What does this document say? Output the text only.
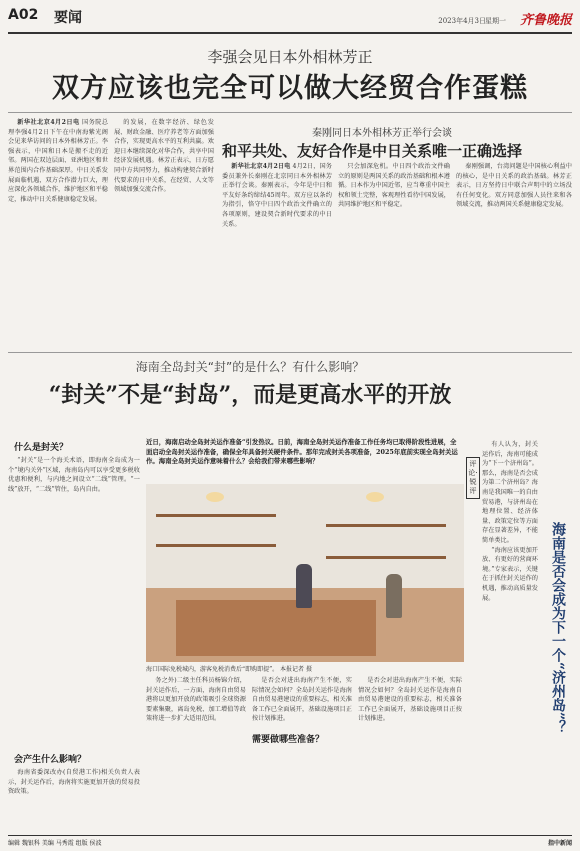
A02 要闻	2023年4月3日 星期一 齐鲁晚报
李强会见日本外相林芳正
双方应该也完全可以做大经贸合作蛋糕

新华社北京4月2日电 国务院总理李强4月2日下午在中南海紫光阁会见来华访问的日本外相林芳正。李强表示，中国和日本是搬不走的近邻。两国在双边层面、亚洲地区和世界范围内合作基础深厚。中日关系发展面临机遇，双方合作潜力巨大，理应深化各领域合作，维护地区和平稳定，推动中日关系健康稳定发展。

的发展，在数字经济、绿色发展、财政金融、医疗养老等方面加强合作，实现更高水平的互利共赢。欢迎日本继续深化对华合作，共享中国经济发展机遇。林芳正表示，日方愿同中方共同努力，推动构建契合新时代要求的日中关系，在经贸、人文等领域加强交流合作。

秦刚同日本外相林芳正举行会谈
和平共处、友好合作是中日关系唯一正确选择

新华社北京4月2日电 4月2日，国务委员兼外长秦刚在北京同日本外相林芳正举行会谈。秦刚表示，今年是中日和平友好条约缔结45周年。双方应以条约为指引，恪守中日四个政治文件确立的各项原则，建设契合新时代要求的中日关系。

只会加深危机。中日四个政治文件确立的原则是两国关系的政治基础和根本遵循。日本作为中国近邻，应当尊重中国主权和领土完整，客观理性看待中国发展，共同维护地区和平稳定。

秦刚强调，台湾问题是中国核心利益中的核心，是中日关系的政治基础。林芳正表示，日方坚持日中联合声明中的立场没有任何变化。双方同意加强人员往来和各领域交流，推动两国关系健康稳定发展。

海南全岛封关“封”的是什么？有什么影响？
“封关”不是“封岛”，而是更高水平的开放
什么是封关？

“封关”是一个海关术语，即海南全岛成为一个“境内关外”区域，海南岛内可以享受更多税收优惠和便利，与内地之间设立“二线”管理。“一线”放开，“二线”管住，岛内自由。

会产生什么影响？

海南省委深改办(自贸港工作)相关负责人表示，封关运作后，海南将实施更加开放的贸易投资政策。

近日，海南启动全岛封关运作准备“引发热议。日前，海南全岛封关运作准备工作任务均已取得阶段性进展，全面启动全岛封关运作准备，确保全年具备封关硬件条件。那年完成封关各项准备，2025年底前实现全岛封关运作。海南全岛封关运作意味着什么？会给我们带来哪些影响？
海口国际免税城内，游客免税消费后“即购即提”。 本报记者 摄

务之外)二级主任科员杨锦介绍，封关运作后，一方面，海南自由贸易港将以更加开放的政策吸引全球资源要素集聚，离岛免税、加工增值等政策将进一步扩大适用范围。

需要做哪些准备？

是否会对进出海南产生不便，实际情况会如何？全岛封关运作是海南自由贸易港建设的重要标志，相关准备工作已全面展开，基础设施项目正按计划推进。

是否会对进出海南产生不便，实际情况会如何？全岛封关运作是海南自由贸易港建设的重要标志，相关准备工作已全面展开，基础设施项目正按计划推进。

评论·锐评

有人认为，封关运作后，海南可能成为“下一个济州岛”。那么，海南是否会成为第二个济州岛？海南是我国唯一的自由贸易港，与济州岛在地理位置、经济体量、政策定位等方面存在显著差异，不能简单类比。

“海南应该更加开放、有更好的营商环境。”专家表示，关键在于抓住封关运作的机遇，推动高质量发展。	海南是否会成为下一个“济州岛”？
编辑 魏银科 美编 马秀霞 组版 侯波	指中新闻
